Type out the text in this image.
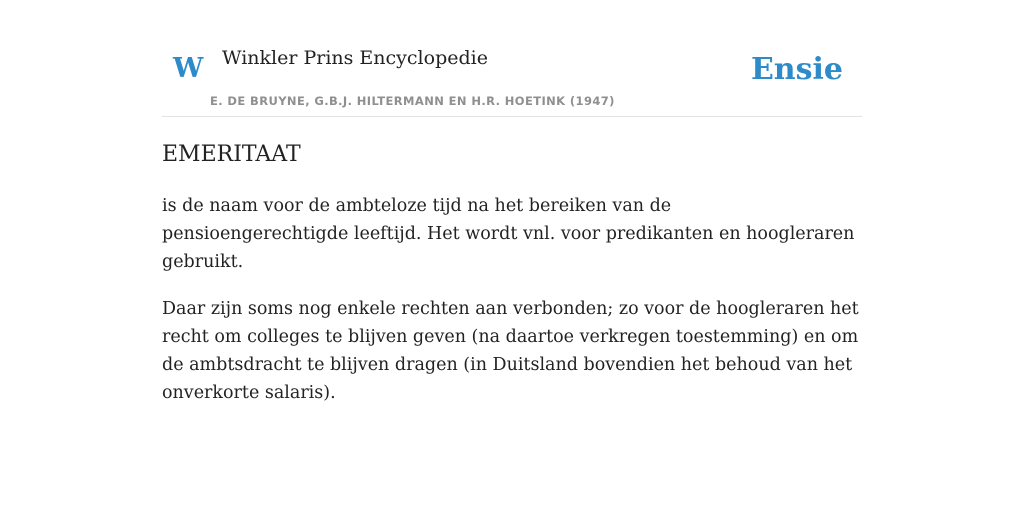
W Winkler Prins Encyclopedie
E. DE BRUYNE, G.B.J. HILTERMANN EN H.R. HOETINK (1947)
Ensie
EMERITAAT

is de naam voor de ambteloze tijd na het bereiken van de pensioengerechtigde leeftijd. Het wordt vnl. voor predikanten en hoogleraren gebruikt.

Daar zijn soms nog enkele rechten aan verbonden; zo voor de hoogleraren het recht om colleges te blijven geven (na daartoe verkregen toestemming) en om de ambtsdracht te blijven dragen (in Duitsland bovendien het behoud van het onverkorte salaris).
